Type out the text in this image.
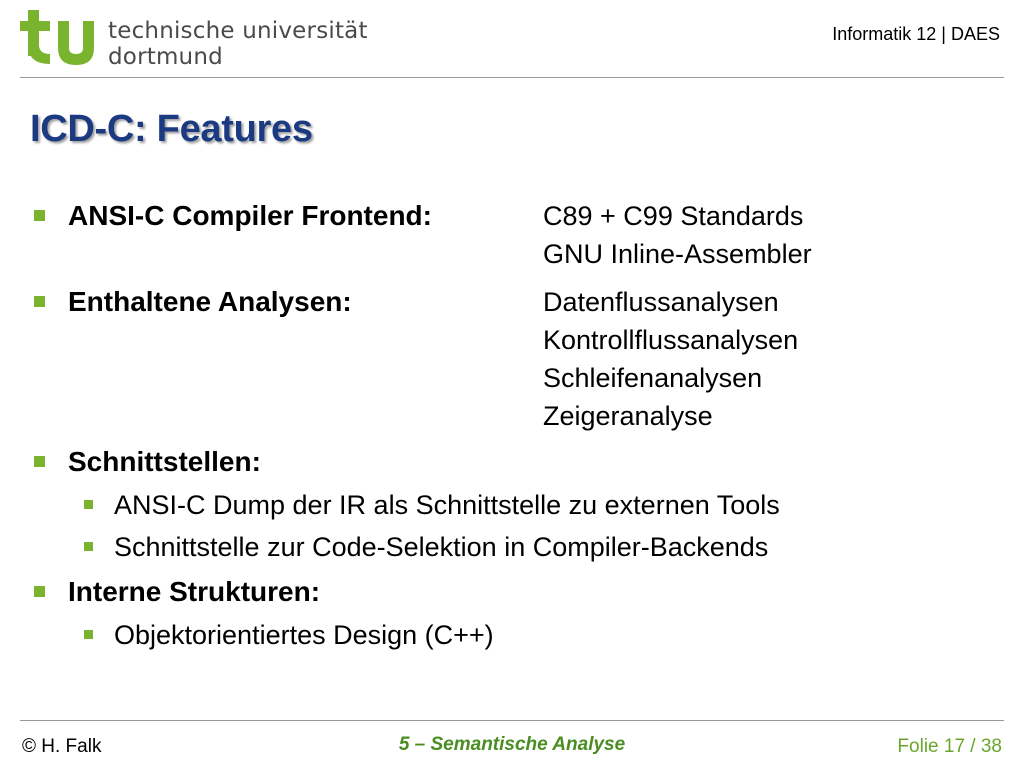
technische universität
dortmund
Informatik 12 | DAES
ICD-C: Features
ANSI-C Compiler Frontend:	C89 + C99 Standards
GNU Inline-Assembler
Enthaltene Analysen:	Datenflussanalysen
Kontrollflussanalysen
Schleifenanalysen
Zeigeranalyse
Schnittstellen:
ANSI-C Dump der IR als Schnittstelle zu externen Tools
Schnittstelle zur Code-Selektion in Compiler-Backends
Interne Strukturen:
Objektorientiertes Design (C++)
© H. Falk	5 – Semantische Analyse	Folie 17 / 38
